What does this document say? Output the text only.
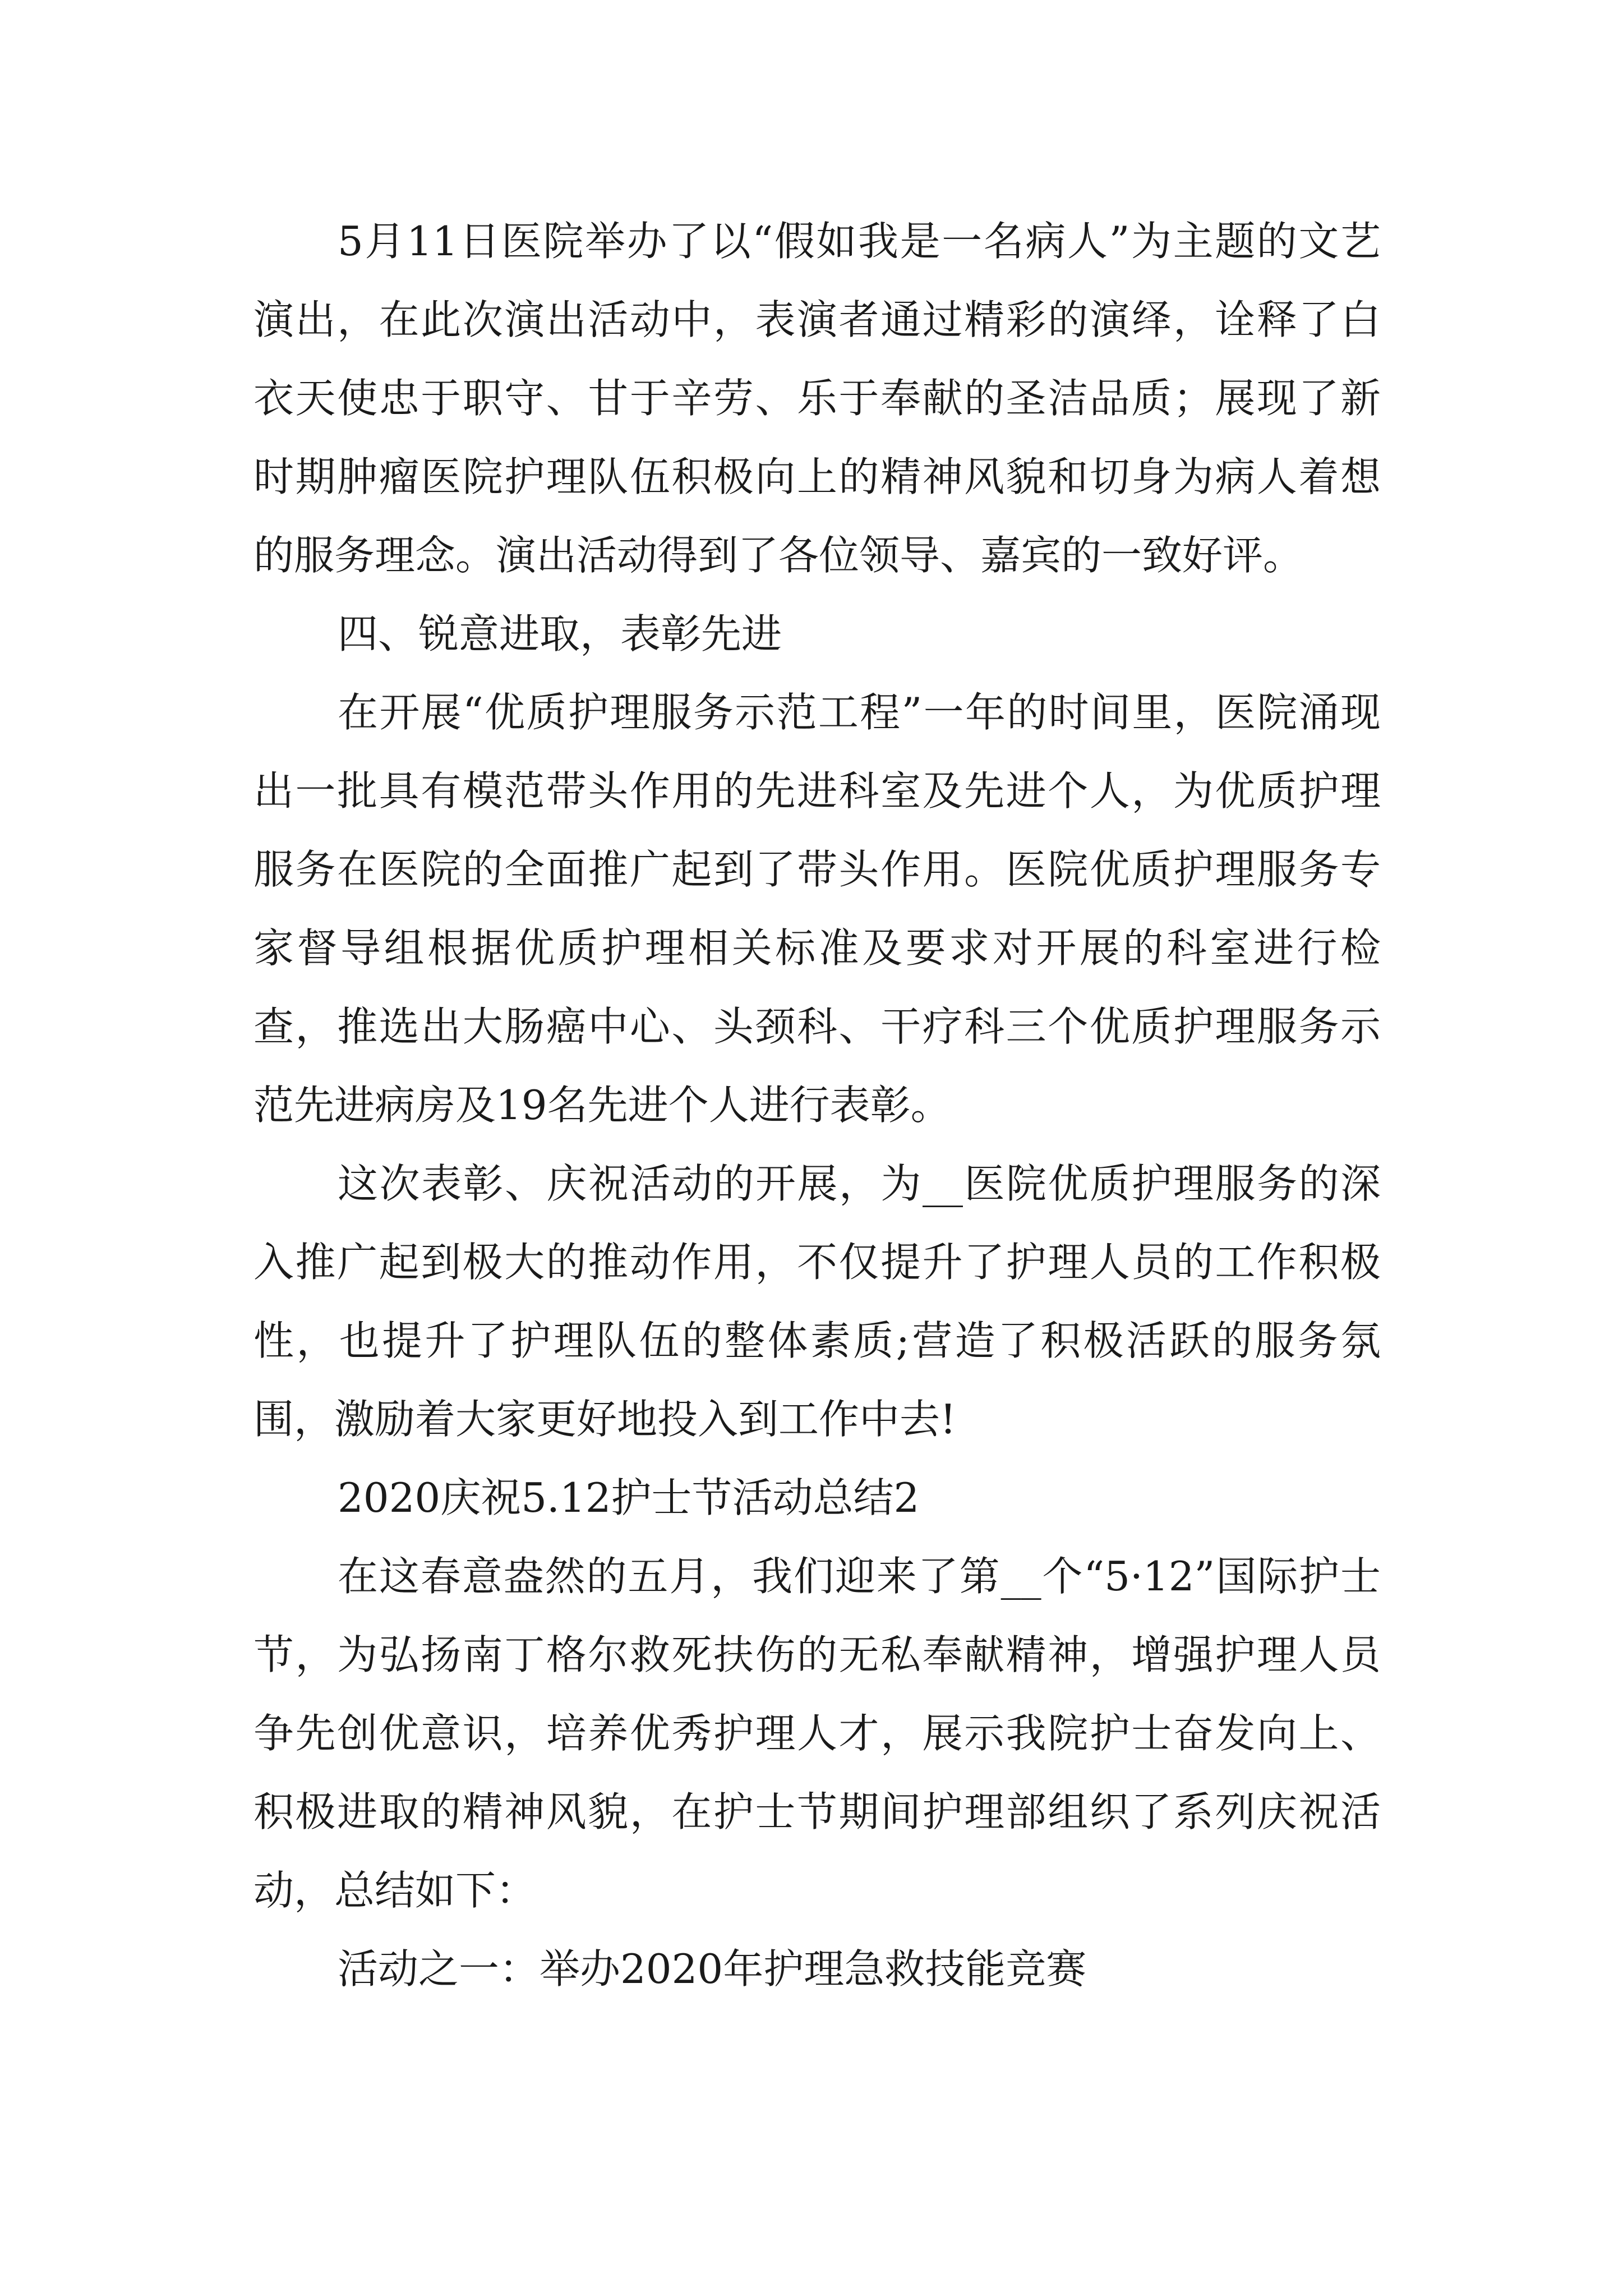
5月11日医院举办了以“假如我是一名病人”为主题的文艺演出，在此次演出活动中，表演者通过精彩的演绎，诠释了白衣天使忠于职守、甘于辛劳、乐于奉献的圣洁品质；展现了新时期肿瘤医院护理队伍积极向上的精神风貌和切身为病人着想的服务理念。演出活动得到了各位领导、嘉宾的一致好评。

四、锐意进取，表彰先进

在开展“优质护理服务示范工程”一年的时间里，医院涌现出一批具有模范带头作用的先进科室及先进个人，为优质护理服务在医院的全面推广起到了带头作用。医院优质护理服务专家督导组根据优质护理相关标准及要求对开展的科室进行检查，推选出大肠癌中心、头颈科、干疗科三个优质护理服务示范先进病房及19名先进个人进行表彰。

这次表彰、庆祝活动的开展，为__医院优质护理服务的深入推广起到极大的推动作用，不仅提升了护理人员的工作积极性，也提升了护理队伍的整体素质;营造了积极活跃的服务氛围，激励着大家更好地投入到工作中去!

2020庆祝5.12护士节活动总结2

在这春意盎然的五月，我们迎来了第__个“5·12”国际护士节，为弘扬南丁格尔救死扶伤的无私奉献精神，增强护理人员争先创优意识，培养优秀护理人才，展示我院护士奋发向上、积极进取的精神风貌，在护士节期间护理部组织了系列庆祝活动，总结如下：

活动之一：举办2020年护理急救技能竞赛
